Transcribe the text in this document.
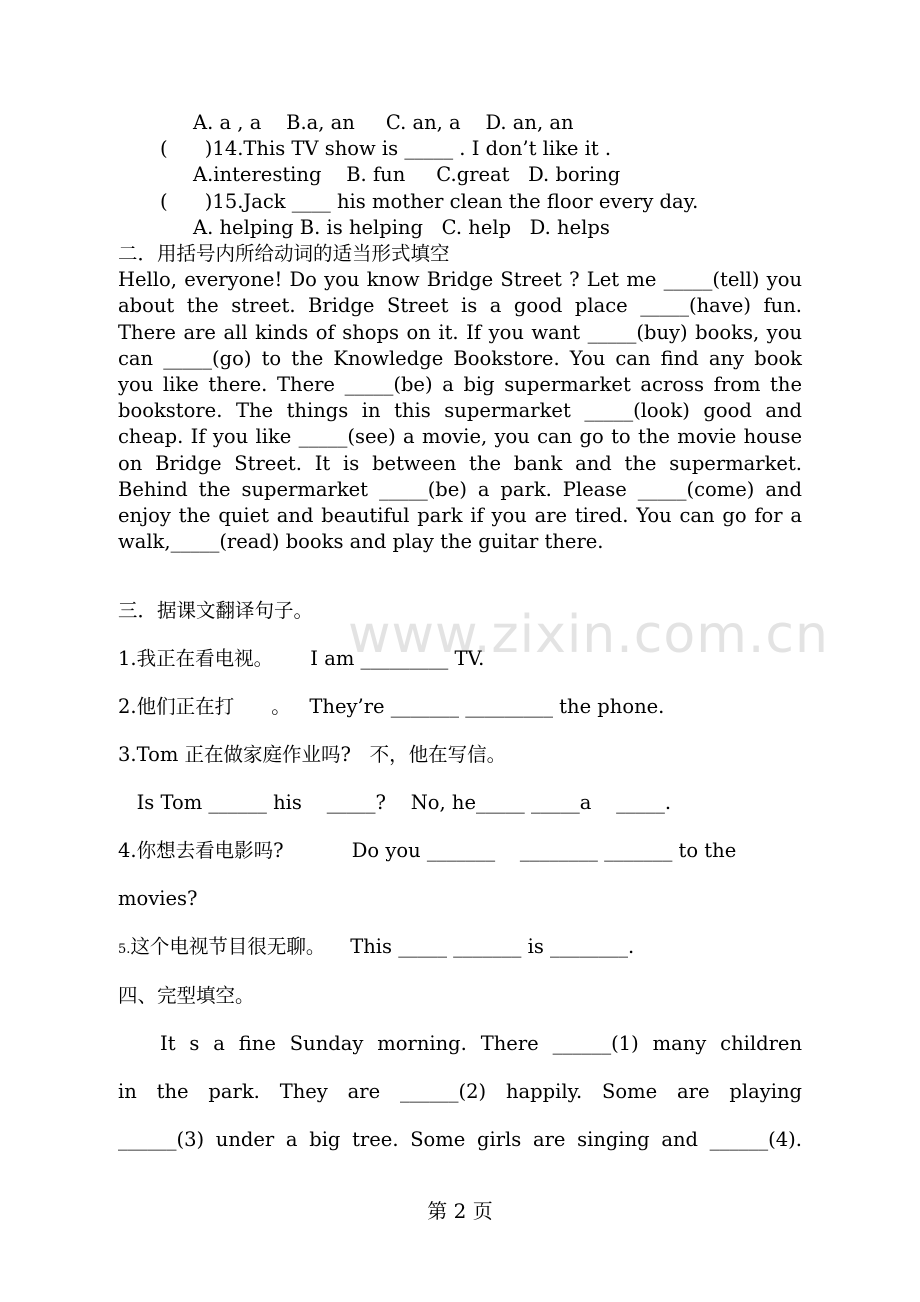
www.zixin.com.cn
A. a , a    B.a, an     C. an, a    D. an, an
(      )14.This TV show is _____ . I don’t like it .
A.interesting    B. fun     C.great   D. boring
(      )15.Jack ____ his mother clean the floor every day.
A. helping B. is helping   C. help   D. helps
二．用括号内所给动词的适当形式填空
Hello, everyone! Do you know Bridge Street ? Let me _____(tell) you about the street. Bridge Street is a good place _____(have) fun. There are all kinds of shops on it. If you want _____(buy) books, you can _____(go) to the Knowledge Bookstore. You can find any book you like there. There _____(be) a big supermarket across from the bookstore. The things in this supermarket _____(look) good and cheap. If you like _____(see) a movie, you can go to the movie house on Bridge Street. It is between the bank and the supermarket. Behind the supermarket _____(be) a park. Please _____(come) and enjoy the quiet and beautiful park if you are tired. You can go for a walk,_____(read) books and play the guitar there.
三．据课文翻译句子。
1.我正在看电视。      I am _________ TV.
2.他们正在打      。   They’re _______ _________ the phone.
3.Tom 正在做家庭作业吗?   不，他在写信。
Is Tom ______ his    _____?    No, he_____ _____a    _____.
4.你想去看电影吗?           Do you _______    ________ _______ to the
movies?
5.这个电视节目很无聊。    This _____ _______ is ________.
四、完型填空。
It s a fine Sunday morning. There ______(1) many children
in the park. They are ______(2) happily. Some are playing
______(3) under a big tree. Some girls are singing and ______(4).
第 2 页
